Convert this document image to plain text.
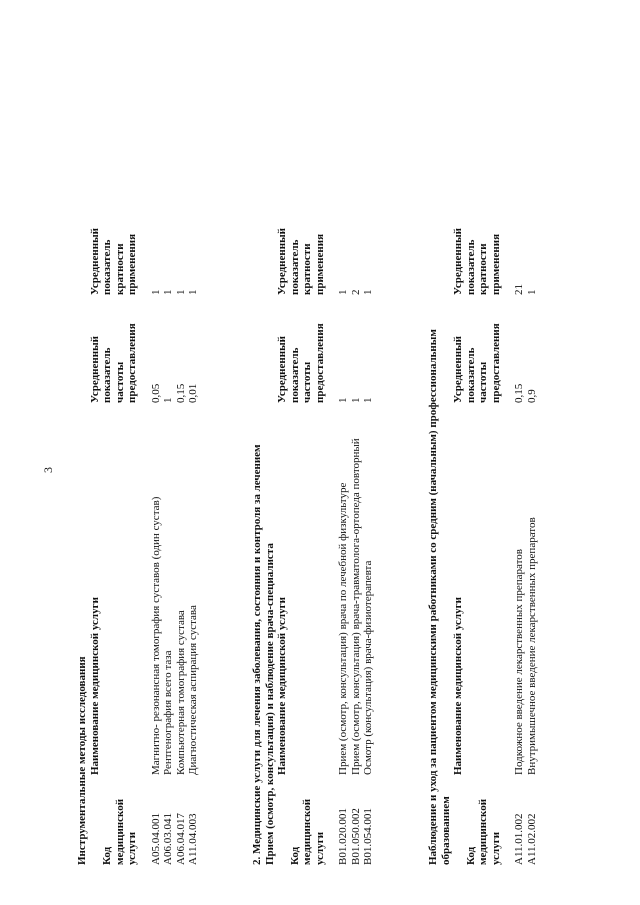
3
Инструментальные методы исследования Код
медицинской
услуги	Наименование медицинской услуги	Усредненный
показатель
частоты
предоставления	Усредненный
показатель
кратности
применения

A05.04.001	Магнитно- резонансная томография суставов (один сустав)	0,05	1
A06.03.041	Рентгенография всего таза	1	1
A06.04.017	Компьютерная томография сустава	0,15	1
A11.04.003	Диагностическая аспирация сустава	0,01	1
2. Медицинские услуги для лечения заболевания, состояния и контроля за лечением Прием (осмотр, консультация) и наблюдение врача-специалиста Код
медицинской
услуги	Наименование медицинской услуги	Усредненный
показатель
частоты
предоставления	Усредненный
показатель
кратности
применения

B01.020.001	Прием (осмотр, консультация) врача по лечебной физкультуре	1	1
B01.050.002	Прием (осмотр, консультация) врача-травматолога-ортопеда повторный	1	2
B01.054.001	Осмотр (консультация) врача-физиотерапевта	1	1
Наблюдение и уход за пациентом медицинскими работниками со средним (начальным) профессиональным образованием Код
медицинской
услуги	Наименование медицинской услуги	Усредненный
показатель
частоты
предоставления	Усредненный
показатель
кратности
применения

A11.01.002	Подкожное введение лекарственных препаратов	0,15	21
A11.02.002	Внутримышечное введение лекарственных препаратов	0,9	1
